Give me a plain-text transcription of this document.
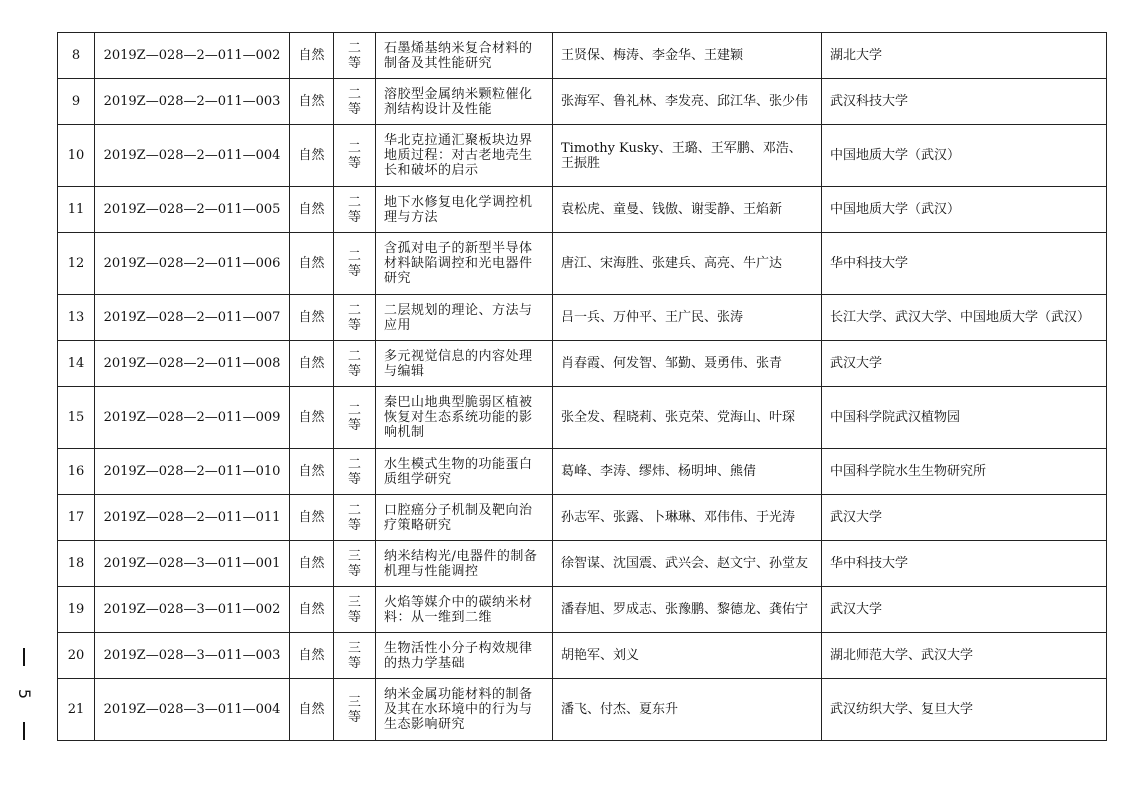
8	2019Z—028—2—011—002	自然	二等	石墨烯基纳米复合材料的制备及其性能研究	王贤保、梅涛、李金华、王建颖	湖北大学
9	2019Z—028—2—011—003	自然	二等	溶胶型金属纳米颗粒催化剂结构设计及性能	张海军、鲁礼林、李发亮、邱江华、张少伟	武汉科技大学
10	2019Z—028—2—011—004	自然	二等	华北克拉通汇聚板块边界地质过程：对古老地壳生长和破坏的启示	Timothy Kusky、王璐、王军鹏、邓浩、王振胜	中国地质大学（武汉）
11	2019Z—028—2—011—005	自然	二等	地下水修复电化学调控机理与方法	袁松虎、童曼、钱傲、谢雯静、王焰新	中国地质大学（武汉）
12	2019Z—028—2—011—006	自然	二等	含孤对电子的新型半导体材料缺陷调控和光电器件研究	唐江、宋海胜、张建兵、高亮、牛广达	华中科技大学
13	2019Z—028—2—011—007	自然	二等	二层规划的理论、方法与应用	吕一兵、万仲平、王广民、张涛	长江大学、武汉大学、中国地质大学（武汉）
14	2019Z—028—2—011—008	自然	二等	多元视觉信息的内容处理与编辑	肖春霞、何发智、邹勤、聂勇伟、张青	武汉大学
15	2019Z—028—2—011—009	自然	二等	秦巴山地典型脆弱区植被恢复对生态系统功能的影响机制	张全发、程晓莉、张克荣、党海山、叶琛	中国科学院武汉植物园
16	2019Z—028—2—011—010	自然	二等	水生模式生物的功能蛋白质组学研究	葛峰、李涛、缪炜、杨明坤、熊倩	中国科学院水生生物研究所
17	2019Z—028—2—011—011	自然	二等	口腔癌分子机制及靶向治疗策略研究	孙志军、张露、卜琳琳、邓伟伟、于光涛	武汉大学
18	2019Z—028—3—011—001	自然	三等	纳米结构光/电器件的制备机理与性能调控	徐智谋、沈国震、武兴会、赵文宁、孙堂友	华中科技大学
19	2019Z—028—3—011—002	自然	三等	火焰等媒介中的碳纳米材料：从一维到二维	潘春旭、罗成志、张豫鹏、黎德龙、龚佑宁	武汉大学
20	2019Z—028—3—011—003	自然	三等	生物活性小分子构效规律的热力学基础	胡艳军、刘义	湖北师范大学、武汉大学
21	2019Z—028—3—011—004	自然	三等	纳米金属功能材料的制备及其在水环境中的行为与生态影响研究	潘飞、付杰、夏东升	武汉纺织大学、复旦大学
5
